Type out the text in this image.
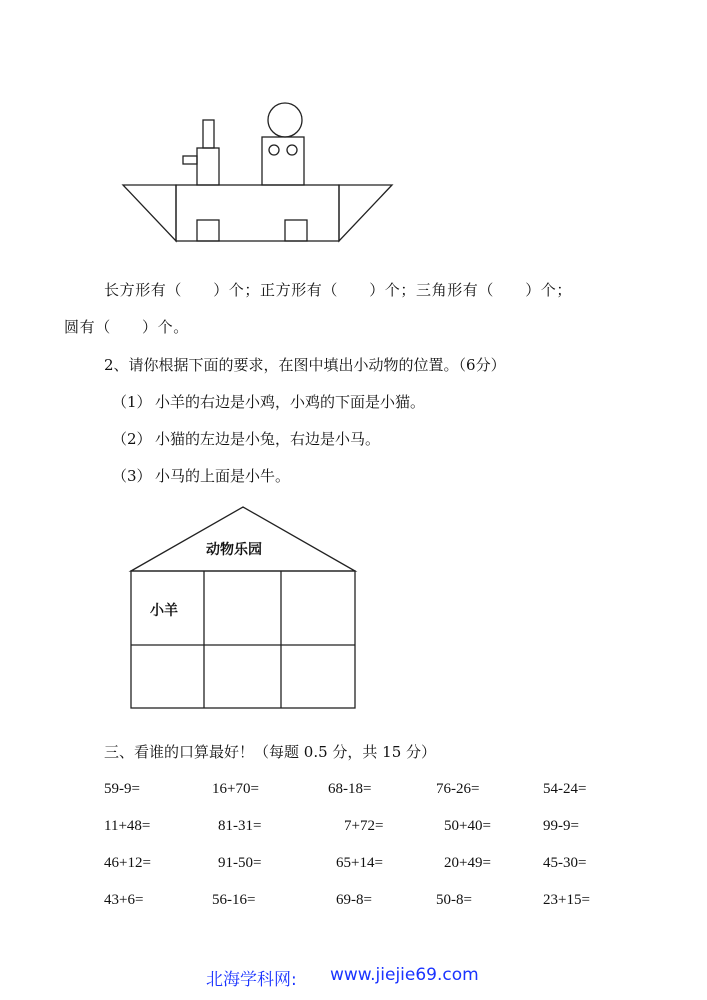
长方形有（　　）个；正方形有（　　）个；三角形有（　　）个；
圆有（　　）个。
2、请你根据下面的要求，在图中填出小动物的位置。（6分）
（1） 小羊的右边是小鸡，小鸡的下面是小猫。
（2） 小猫的左边是小兔，右边是小马。
（3） 小马的上面是小牛。
动物乐园
小羊
三、看谁的口算最好！（每题 0.5 分，共 15 分）
59-9=	16+70=	68-18=	76-26=	54-24=
11+48=	81-31=	7+72=	50+40=	99-9=
46+12=	91-50=	65+14=	20+49=	45-30=
43+6=	56-16=	69-8=	50-8=	23+15=
北海学科网: www.jiejie69.com
